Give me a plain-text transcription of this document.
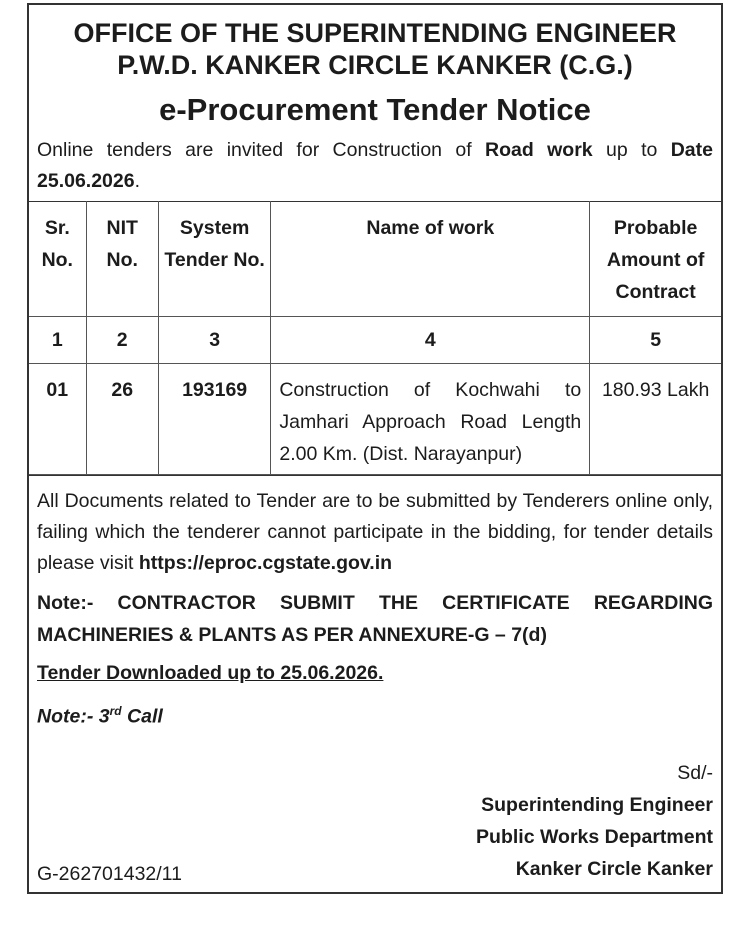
OFFICE OF THE SUPERINTENDING ENGINEER
P.W.D. KANKER CIRCLE KANKER (C.G.)
e-Procurement Tender Notice
Online tenders are invited for Construction of Road work up to Date 25.06.2026.
Sr. No.	NIT No.	System Tender No.	Name of work	Probable Amount of Contract
1	2	3	4	5
01	26	193169	Construction of Kochwahi to Jamhari Approach Road Length 2.00 Km. (Dist. Narayanpur)	180.93 Lakh
All Documents related to Tender are to be submitted by Tenderers online only, failing which the tenderer cannot participate in the bidding, for tender details please visit https://eproc.cgstate.gov.in
Note:- CONTRACTOR SUBMIT THE CERTIFICATE REGARDING MACHINERIES & PLANTS AS PER ANNEXURE-G – 7(d)
Tender Downloaded up to 25.06.2026.
Note:- 3rd Call
Sd/-
Superintending Engineer
Public Works Department
Kanker Circle Kanker
G-262701432/11
